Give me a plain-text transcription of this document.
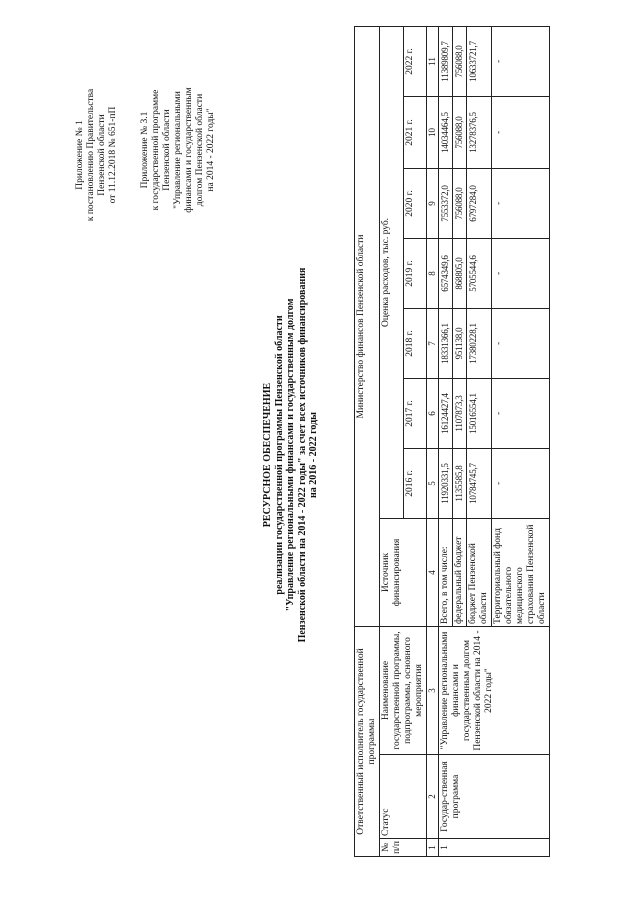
Приложение № 1 к постановлению Правительства Пензенской области от 11.12.2018 № 651-пП Приложение № 3.1 к государственной программе Пензенской области "Управление региональными финансами и государственным долгом Пензенской области на 2014 - 2022 годы"
РЕСУРСНОЕ ОБЕСПЕЧЕНИЕ реализации государственной программы Пензенской области "Управление региональными финансами и государственным долгом Пензенской области на 2014 - 2022 годы" за счет всех источников финансирования на 2016 - 2022 годы
Ответственный исполнитель государственной программы			Министерство финансов Пензенской области							
№ п/п	Статус	Наименование государственной программы, подпрограммы, основного мероприятия	Источник финансирования	Оценка расходов, тыс. руб.						
				2016 г.	2017 г.	2018 г.	2019 г.	2020 г.	2021 г.	2022 г.
1	2	3	4	5	6	7	8	9	10	11
1	Государ-ственная программа	"Управление региональными финансами и государственным долгом Пензенской области на 2014 - 2022 годы"	Всего, в том числе:	11920331,5	16124427,4	18331366,1	6574349,6	7553372,0	14034464,5	11389809,7
			федеральный бюджет	1135585,8	1107873,3	951138,0	868805,0	756088,0	756088,0	756088,0
			бюджет Пензенской области	10784745,7	15016554,1	17380228,1	5705544,6	6797284,0	13278376,5	10633721,7
			Территориальный фонд обязательного медицинского страхования Пензенской области	-	-	-	-	-	-	-
